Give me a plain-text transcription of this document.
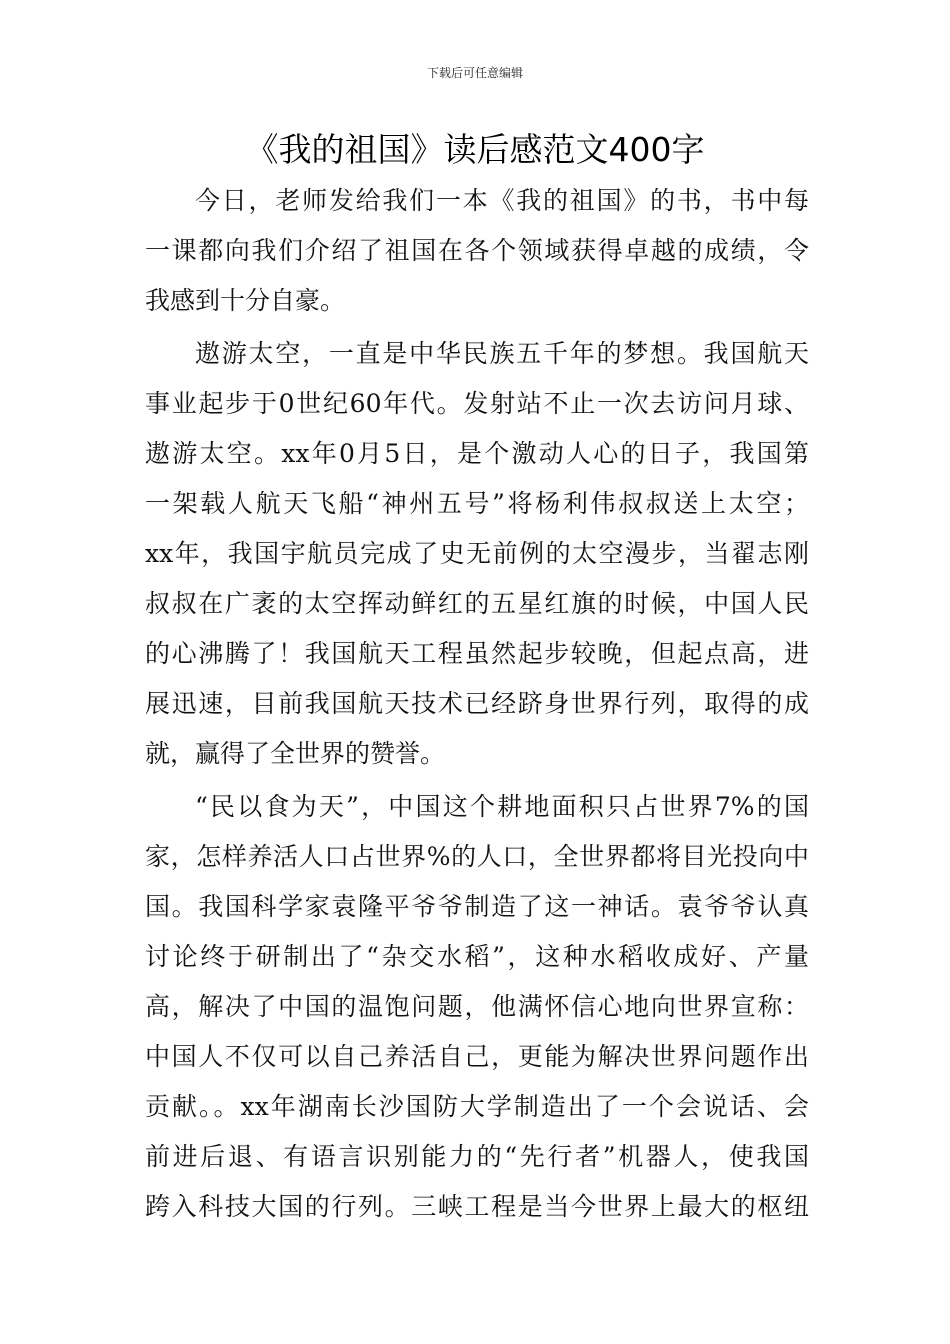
下载后可任意编辑
《我的祖国》读后感范文400字

今日，老师发给我们一本《我的祖国》的书，书中每
一课都向我们介绍了祖国在各个领域获得卓越的成绩，令
我感到十分自豪。

遨游太空，一直是中华民族五千年的梦想。我国航天
事业起步于0世纪60年代。发射站不止一次去访问月球、
遨游太空。xx年0月5日，是个激动人心的日子，我国第
一架载人航天飞船“神州五号”将杨利伟叔叔送上太空；
xx年，我国宇航员完成了史无前例的太空漫步，当翟志刚
叔叔在广袤的太空挥动鲜红的五星红旗的时候，中国人民
的心沸腾了！我国航天工程虽然起步较晚，但起点高，进
展迅速，目前我国航天技术已经跻身世界行列，取得的成
就，赢得了全世界的赞誉。

“民以食为天”，中国这个耕地面积只占世界7%的国
家，怎样养活人口占世界%的人口，全世界都将目光投向中
国。我国科学家袁隆平爷爷制造了这一神话。袁爷爷认真
讨论终于研制出了“杂交水稻”，这种水稻收成好、产量
高，解决了中国的温饱问题，他满怀信心地向世界宣称：
中国人不仅可以自己养活自己，更能为解决世界问题作出
贡献。。xx年湖南长沙国防大学制造出了一个会说话、会
前进后退、有语言识别能力的“先行者”机器人，使我国
跨入科技大国的行列。三峡工程是当今世界上最大的枢纽
